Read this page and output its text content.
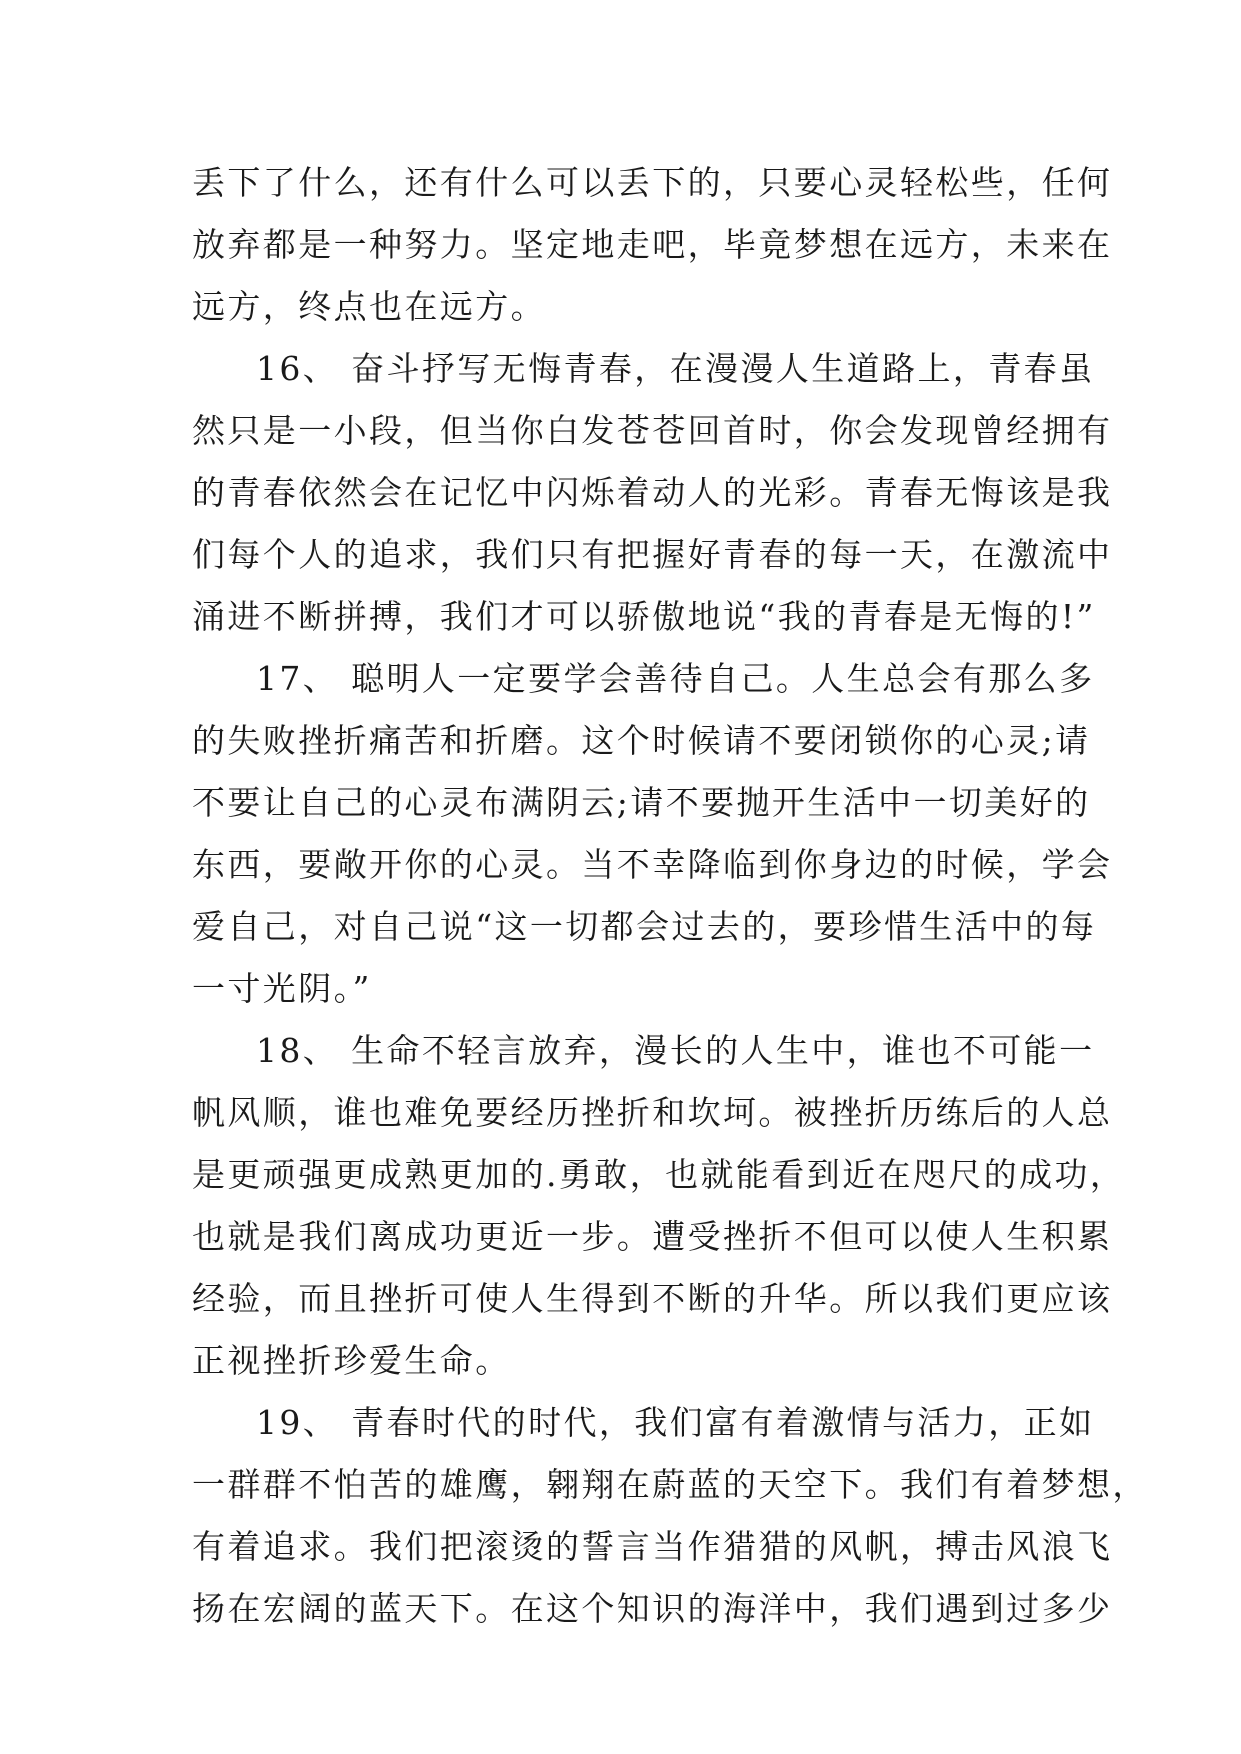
丢下了什么，还有什么可以丢下的，只要心灵轻松些，任何
放弃都是一种努力。坚定地走吧，毕竟梦想在远方，未来在
远方，终点也在远方。
16、 奋斗抒写无悔青春，在漫漫人生道路上，青春虽
然只是一小段，但当你白发苍苍回首时，你会发现曾经拥有
的青春依然会在记忆中闪烁着动人的光彩。青春无悔该是我
们每个人的追求，我们只有把握好青春的每一天，在激流中
涌进不断拼搏，我们才可以骄傲地说“我的青春是无悔的!”
17、 聪明人一定要学会善待自己。人生总会有那么多
的失败挫折痛苦和折磨。这个时候请不要闭锁你的心灵;请
不要让自己的心灵布满阴云;请不要抛开生活中一切美好的
东西，要敞开你的心灵。当不幸降临到你身边的时候，学会
爱自己，对自己说“这一切都会过去的，要珍惜生活中的每
一寸光阴。”
18、 生命不轻言放弃，漫长的人生中，谁也不可能一
帆风顺，谁也难免要经历挫折和坎坷。被挫折历练后的人总
是更顽强更成熟更加的.勇敢，也就能看到近在咫尺的成功，
也就是我们离成功更近一步。遭受挫折不但可以使人生积累
经验，而且挫折可使人生得到不断的升华。所以我们更应该
正视挫折珍爱生命。
19、 青春时代的时代，我们富有着激情与活力，正如
一群群不怕苦的雄鹰，翱翔在蔚蓝的天空下。我们有着梦想，
有着追求。我们把滚烫的誓言当作猎猎的风帆，搏击风浪飞
扬在宏阔的蓝天下。在这个知识的海洋中，我们遇到过多少
